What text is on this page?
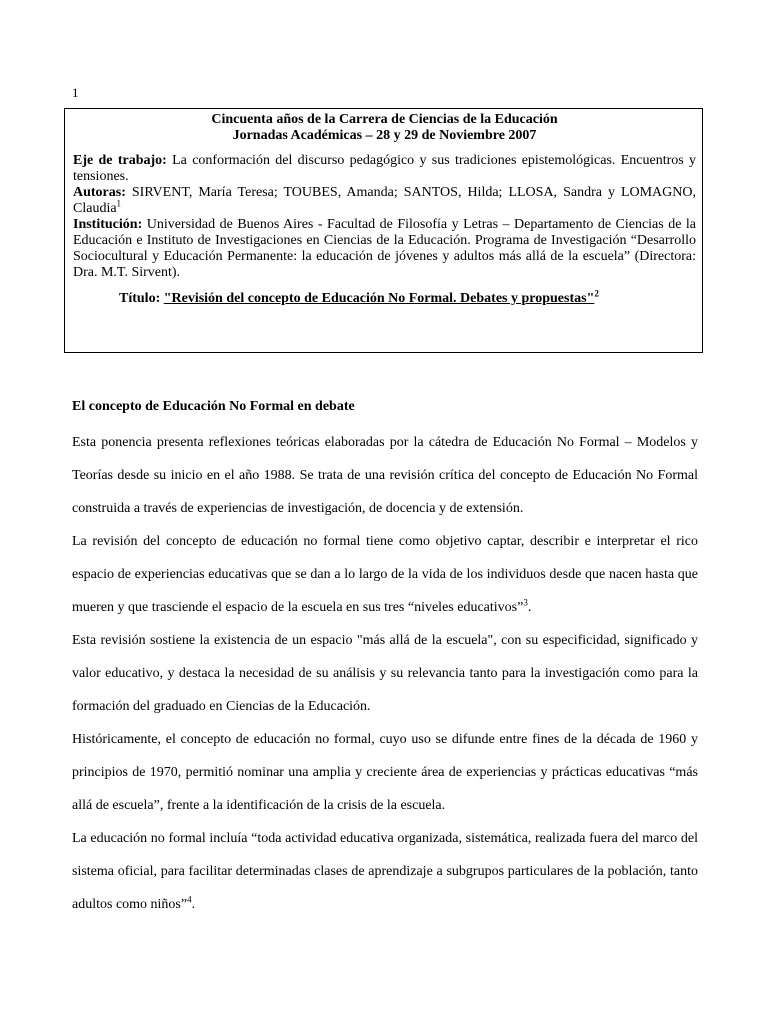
1
Cincuenta años de la Carrera de Ciencias de la Educación
Jornadas Académicas – 28 y 29 de Noviembre 2007
Eje de trabajo: La conformación del discurso pedagógico y sus tradiciones epistemológicas. Encuentros y tensiones.
Autoras: SIRVENT, María Teresa; TOUBES, Amanda; SANTOS, Hilda; LLOSA, Sandra y LOMAGNO, Claudia$^1$
Institución: Universidad de Buenos Aires - Facultad de Filosofía y Letras – Departamento de Ciencias de la Educación e Instituto de Investigaciones en Ciencias de la Educación. Programa de Investigación “Desarrollo Sociocultural y Educación Permanente: la educación de jóvenes y adultos más allá de la escuela” (Directora: Dra. M.T. Sirvent).
Título: "Revisión del concepto de Educación No Formal. Debates y propuestas"$^2$
El concepto de Educación No Formal en debate

Esta ponencia presenta reflexiones teóricas elaboradas por la cátedra de Educación No Formal – Modelos y Teorías desde su inicio en el año 1988. Se trata de una revisión crítica del concepto de Educación No Formal construida a través de experiencias de investigación, de docencia y de extensión.

La revisión del concepto de educación no formal tiene como objetivo captar, describir e interpretar el rico espacio de experiencias educativas que se dan a lo largo de la vida de los individuos desde que nacen hasta que mueren y que trasciende el espacio de la escuela en sus tres “niveles educativos”$^3$.

Esta revisión sostiene la existencia de un espacio "más allá de la escuela", con su especificidad, significado y valor educativo, y destaca la necesidad de su análisis y su relevancia tanto para la investigación como para la formación del graduado en Ciencias de la Educación.

Históricamente, el concepto de educación no formal, cuyo uso se difunde entre fines de la década de 1960 y principios de 1970, permitió nominar una amplia y creciente área de experiencias y prácticas educativas “más allá de escuela”, frente a la identificación de la crisis de la escuela.

La educación no formal incluía “toda actividad educativa organizada, sistemática, realizada fuera del marco del sistema oficial, para facilitar determinadas clases de aprendizaje a subgrupos particulares de la población, tanto adultos como niños”$^4$.
